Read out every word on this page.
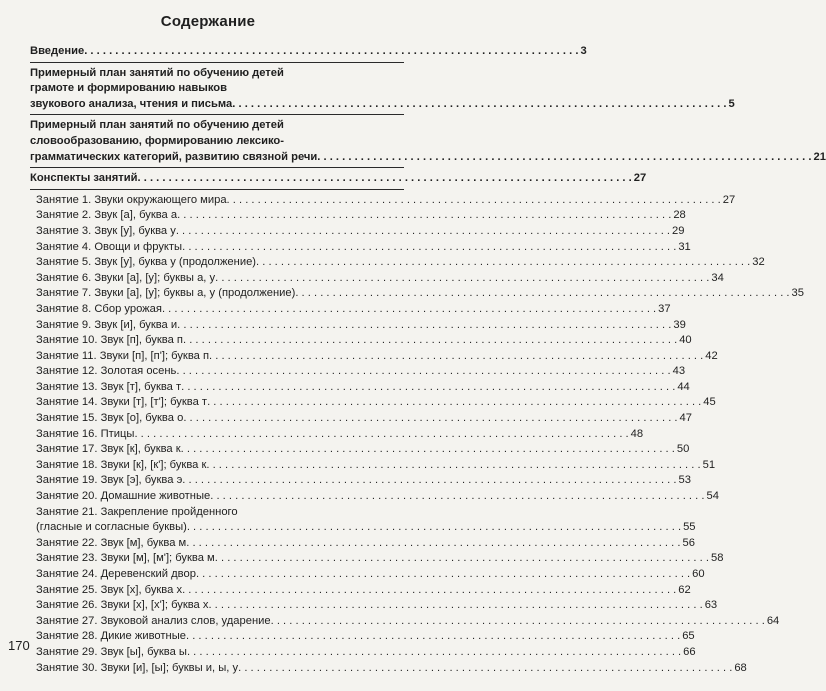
Содержание
Введение . . . . . . . . . . . . . . . . . . . . . . . . . . . . . . . . . . . . . . . . . . . . . . . . . . . . . . . . . . . . . . . . . . . . . . . . . . . . . . . . 3
Примерный план занятий по обучению детей
грамоте и формированию навыков
звукового анализа, чтения и письма . . . . . . . . . . . . . . . . . . . . . . . . . . . . . . . . . . . . . . . . . . . . . . . . . . . . . . . . . . . . . . . . . . . . . . . . . . . . . . . . 5
Примерный план занятий по обучению детей
словообразованию, формированию лексико-
грамматических категорий, развитию связной речи . . . . . . . . . . . . . . . . . . . . . . . . . . . . . . . . . . . . . . . . . . . . . . . . . . . . . . . . . . . . . . . . . . . . . . . . . . . . . . . . 21
Конспекты занятий . . . . . . . . . . . . . . . . . . . . . . . . . . . . . . . . . . . . . . . . . . . . . . . . . . . . . . . . . . . . . . . . . . . . . . . . . . . . . . . . 27
Занятие 1. Звуки окружающего мира . . . . . . . . . . . . . . . . . . . . . . . . . . . . . . . . . . . . . . . . . . . . . . . . . . . . . . . . . . . . . . . . . . . . . . . . . . . . . . . . 27
Занятие 2. Звук [а], буква а . . . . . . . . . . . . . . . . . . . . . . . . . . . . . . . . . . . . . . . . . . . . . . . . . . . . . . . . . . . . . . . . . . . . . . . . . . . . . . . . 28
Занятие 3. Звук [у], буква у . . . . . . . . . . . . . . . . . . . . . . . . . . . . . . . . . . . . . . . . . . . . . . . . . . . . . . . . . . . . . . . . . . . . . . . . . . . . . . . . 29
Занятие 4. Овощи и фрукты . . . . . . . . . . . . . . . . . . . . . . . . . . . . . . . . . . . . . . . . . . . . . . . . . . . . . . . . . . . . . . . . . . . . . . . . . . . . . . . . 31
Занятие 5. Звук [у], буква у (продолжение) . . . . . . . . . . . . . . . . . . . . . . . . . . . . . . . . . . . . . . . . . . . . . . . . . . . . . . . . . . . . . . . . . . . . . . . . . . . . . . . . 32
Занятие 6. Звуки [а], [у]; буквы а, у . . . . . . . . . . . . . . . . . . . . . . . . . . . . . . . . . . . . . . . . . . . . . . . . . . . . . . . . . . . . . . . . . . . . . . . . . . . . . . . . 34
Занятие 7. Звуки [а], [у]; буквы а, у (продолжение) . . . . . . . . . . . . . . . . . . . . . . . . . . . . . . . . . . . . . . . . . . . . . . . . . . . . . . . . . . . . . . . . . . . . . . . . . . . . . . . . 35
Занятие 8. Сбор урожая . . . . . . . . . . . . . . . . . . . . . . . . . . . . . . . . . . . . . . . . . . . . . . . . . . . . . . . . . . . . . . . . . . . . . . . . . . . . . . . . 37
Занятие 9. Звук [и], буква и . . . . . . . . . . . . . . . . . . . . . . . . . . . . . . . . . . . . . . . . . . . . . . . . . . . . . . . . . . . . . . . . . . . . . . . . . . . . . . . . 39
Занятие 10. Звук [п], буква п . . . . . . . . . . . . . . . . . . . . . . . . . . . . . . . . . . . . . . . . . . . . . . . . . . . . . . . . . . . . . . . . . . . . . . . . . . . . . . . . 40
Занятие 11. Звуки [п], [п']; буква п . . . . . . . . . . . . . . . . . . . . . . . . . . . . . . . . . . . . . . . . . . . . . . . . . . . . . . . . . . . . . . . . . . . . . . . . . . . . . . . . 42
Занятие 12. Золотая осень . . . . . . . . . . . . . . . . . . . . . . . . . . . . . . . . . . . . . . . . . . . . . . . . . . . . . . . . . . . . . . . . . . . . . . . . . . . . . . . . 43
Занятие 13. Звук [т], буква т . . . . . . . . . . . . . . . . . . . . . . . . . . . . . . . . . . . . . . . . . . . . . . . . . . . . . . . . . . . . . . . . . . . . . . . . . . . . . . . . 44
Занятие 14. Звуки [т], [т']; буква т . . . . . . . . . . . . . . . . . . . . . . . . . . . . . . . . . . . . . . . . . . . . . . . . . . . . . . . . . . . . . . . . . . . . . . . . . . . . . . . . 45
Занятие 15. Звук [о], буква о . . . . . . . . . . . . . . . . . . . . . . . . . . . . . . . . . . . . . . . . . . . . . . . . . . . . . . . . . . . . . . . . . . . . . . . . . . . . . . . . 47
Занятие 16. Птицы . . . . . . . . . . . . . . . . . . . . . . . . . . . . . . . . . . . . . . . . . . . . . . . . . . . . . . . . . . . . . . . . . . . . . . . . . . . . . . . . 48
Занятие 17. Звук [к], буква к . . . . . . . . . . . . . . . . . . . . . . . . . . . . . . . . . . . . . . . . . . . . . . . . . . . . . . . . . . . . . . . . . . . . . . . . . . . . . . . . 50
Занятие 18. Звуки [к], [к']; буква к . . . . . . . . . . . . . . . . . . . . . . . . . . . . . . . . . . . . . . . . . . . . . . . . . . . . . . . . . . . . . . . . . . . . . . . . . . . . . . . . 51
Занятие 19. Звук [э], буква э . . . . . . . . . . . . . . . . . . . . . . . . . . . . . . . . . . . . . . . . . . . . . . . . . . . . . . . . . . . . . . . . . . . . . . . . . . . . . . . . 53
Занятие 20. Домашние животные . . . . . . . . . . . . . . . . . . . . . . . . . . . . . . . . . . . . . . . . . . . . . . . . . . . . . . . . . . . . . . . . . . . . . . . . . . . . . . . . 54
Занятие 21. Закрепление пройденного
(гласные и согласные буквы) . . . . . . . . . . . . . . . . . . . . . . . . . . . . . . . . . . . . . . . . . . . . . . . . . . . . . . . . . . . . . . . . . . . . . . . . . . . . . . . . 55
Занятие 22. Звук [м], буква м . . . . . . . . . . . . . . . . . . . . . . . . . . . . . . . . . . . . . . . . . . . . . . . . . . . . . . . . . . . . . . . . . . . . . . . . . . . . . . . . 56
Занятие 23. Звуки [м], [м']; буква м . . . . . . . . . . . . . . . . . . . . . . . . . . . . . . . . . . . . . . . . . . . . . . . . . . . . . . . . . . . . . . . . . . . . . . . . . . . . . . . . 58
Занятие 24. Деревенский двор . . . . . . . . . . . . . . . . . . . . . . . . . . . . . . . . . . . . . . . . . . . . . . . . . . . . . . . . . . . . . . . . . . . . . . . . . . . . . . . . 60
Занятие 25. Звук [х], буква х . . . . . . . . . . . . . . . . . . . . . . . . . . . . . . . . . . . . . . . . . . . . . . . . . . . . . . . . . . . . . . . . . . . . . . . . . . . . . . . . 62
Занятие 26. Звуки [х], [х']; буква х . . . . . . . . . . . . . . . . . . . . . . . . . . . . . . . . . . . . . . . . . . . . . . . . . . . . . . . . . . . . . . . . . . . . . . . . . . . . . . . . 63
Занятие 27. Звуковой анализ слов, ударение . . . . . . . . . . . . . . . . . . . . . . . . . . . . . . . . . . . . . . . . . . . . . . . . . . . . . . . . . . . . . . . . . . . . . . . . . . . . . . . . 64
Занятие 28. Дикие животные . . . . . . . . . . . . . . . . . . . . . . . . . . . . . . . . . . . . . . . . . . . . . . . . . . . . . . . . . . . . . . . . . . . . . . . . . . . . . . . . 65
Занятие 29. Звук [ы], буква ы . . . . . . . . . . . . . . . . . . . . . . . . . . . . . . . . . . . . . . . . . . . . . . . . . . . . . . . . . . . . . . . . . . . . . . . . . . . . . . . . 66
Занятие 30. Звуки [и], [ы]; буквы и, ы, у . . . . . . . . . . . . . . . . . . . . . . . . . . . . . . . . . . . . . . . . . . . . . . . . . . . . . . . . . . . . . . . . . . . . . . . . . . . . . . . . 68
170
